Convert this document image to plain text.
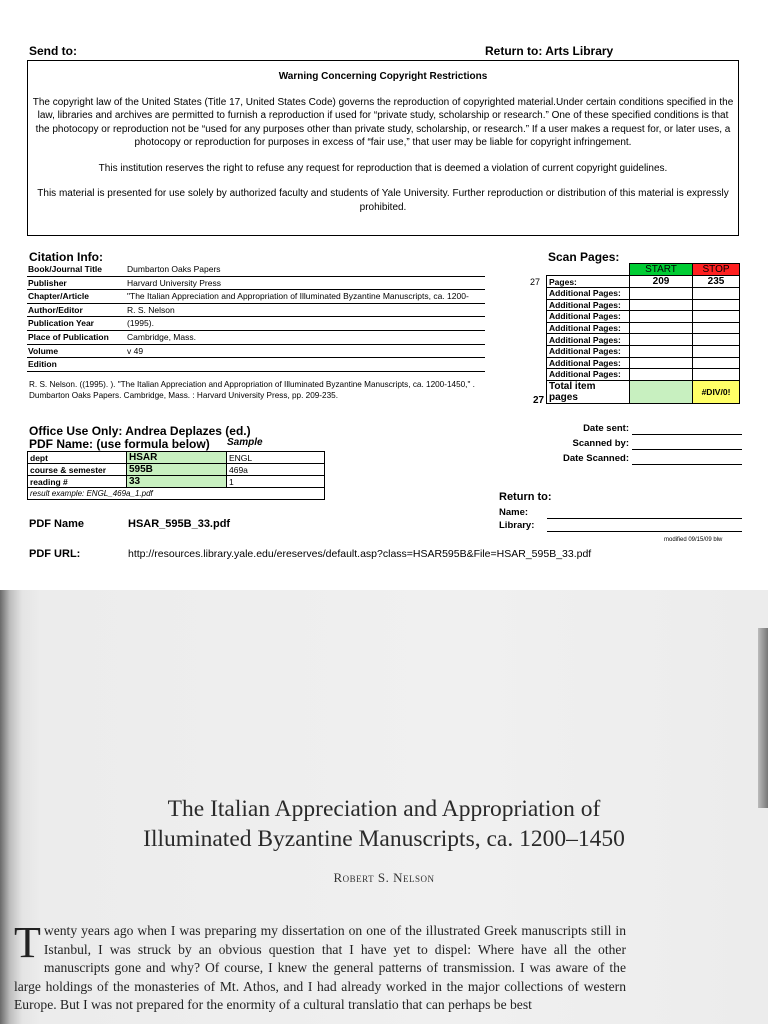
Send to:	Return to: Arts Library
Warning Concerning Copyright Restrictions

The copyright law of the United States (Title 17, United States Code) governs the reproduction of copyrighted material.Under certain conditions specified in the law, libraries and archives are permitted to furnish a reproduction if used for “private study, scholarship or research.” One of these specified conditions is that the photocopy or reproduction not be “used for any purposes other than private study, scholarship, or research.” If a user makes a request for, or later uses, a photocopy or reproduction for purposes in excess of “fair use,” that user may be liable for copyright infringement.

This institution reserves the right to refuse any request for reproduction that is deemed a violation of current copyright guidelines.

This material is presented for use solely by authorized faculty and students of Yale University. Further reproduction or distribution of this material is expressly prohibited.

Citation Info:
Book/Journal Title	Dumbarton Oaks Papers
Publisher	Harvard University Press
Chapter/Article	"The Italian Appreciation and Appropriation of Illuminated Byzantine Manuscripts, ca. 1200-
Author/Editor	R. S. Nelson
Publication Year	(1995).
Place of Publication	Cambridge, Mass.
Volume	v 49
Edition
R. S. Nelson. ((1995). ). "The Italian Appreciation and Appropriation of Illuminated Byzantine Manuscripts, ca. 1200-1450," . Dumbarton Oaks Papers. Cambridge, Mass. : Harvard University Press, pp. 209-235.
Scan Pages:
27
	START	STOP
Pages:	209	235
Additional Pages:		
Additional Pages:		
Additional Pages:		
Additional Pages:		
Additional Pages:		
Additional Pages:		
Additional Pages:		
Additional Pages:		
Total item pages		#DIV/0!
27
Office Use Only: Andrea Deplazes (ed.)
PDF Name: (use formula below) Sample
dept	HSAR	ENGL
course & semester	595B	469a
reading #	33	1
result example: ENGL_469a_1.pdf		
Date sent:
Scanned by:
Date Scanned:
Return to:
Name:
Library:
PDF Name	HSAR_595B_33.pdf
modified 09/15/09 blw
PDF URL:	http://resources.library.yale.edu/ereserves/default.asp?class=HSAR595B&File=HSAR_595B_33.pdf
The Italian Appreciation and Appropriation of
Illuminated Byzantine Manuscripts, ca. 1200–1450
Robert S. Nelson
Twenty years ago when I was preparing my dissertation on one of the illustrated Greek manuscripts still in Istanbul, I was struck by an obvious question that I have yet to dispel: Where have all the other manuscripts gone and why? Of course, I knew the general patterns of transmission. I was aware of the large holdings of the monasteries of Mt. Athos, and I had already worked in the major collections of western Europe. But I was not prepared for the enormity of a cultural translatio that can perhaps be best
